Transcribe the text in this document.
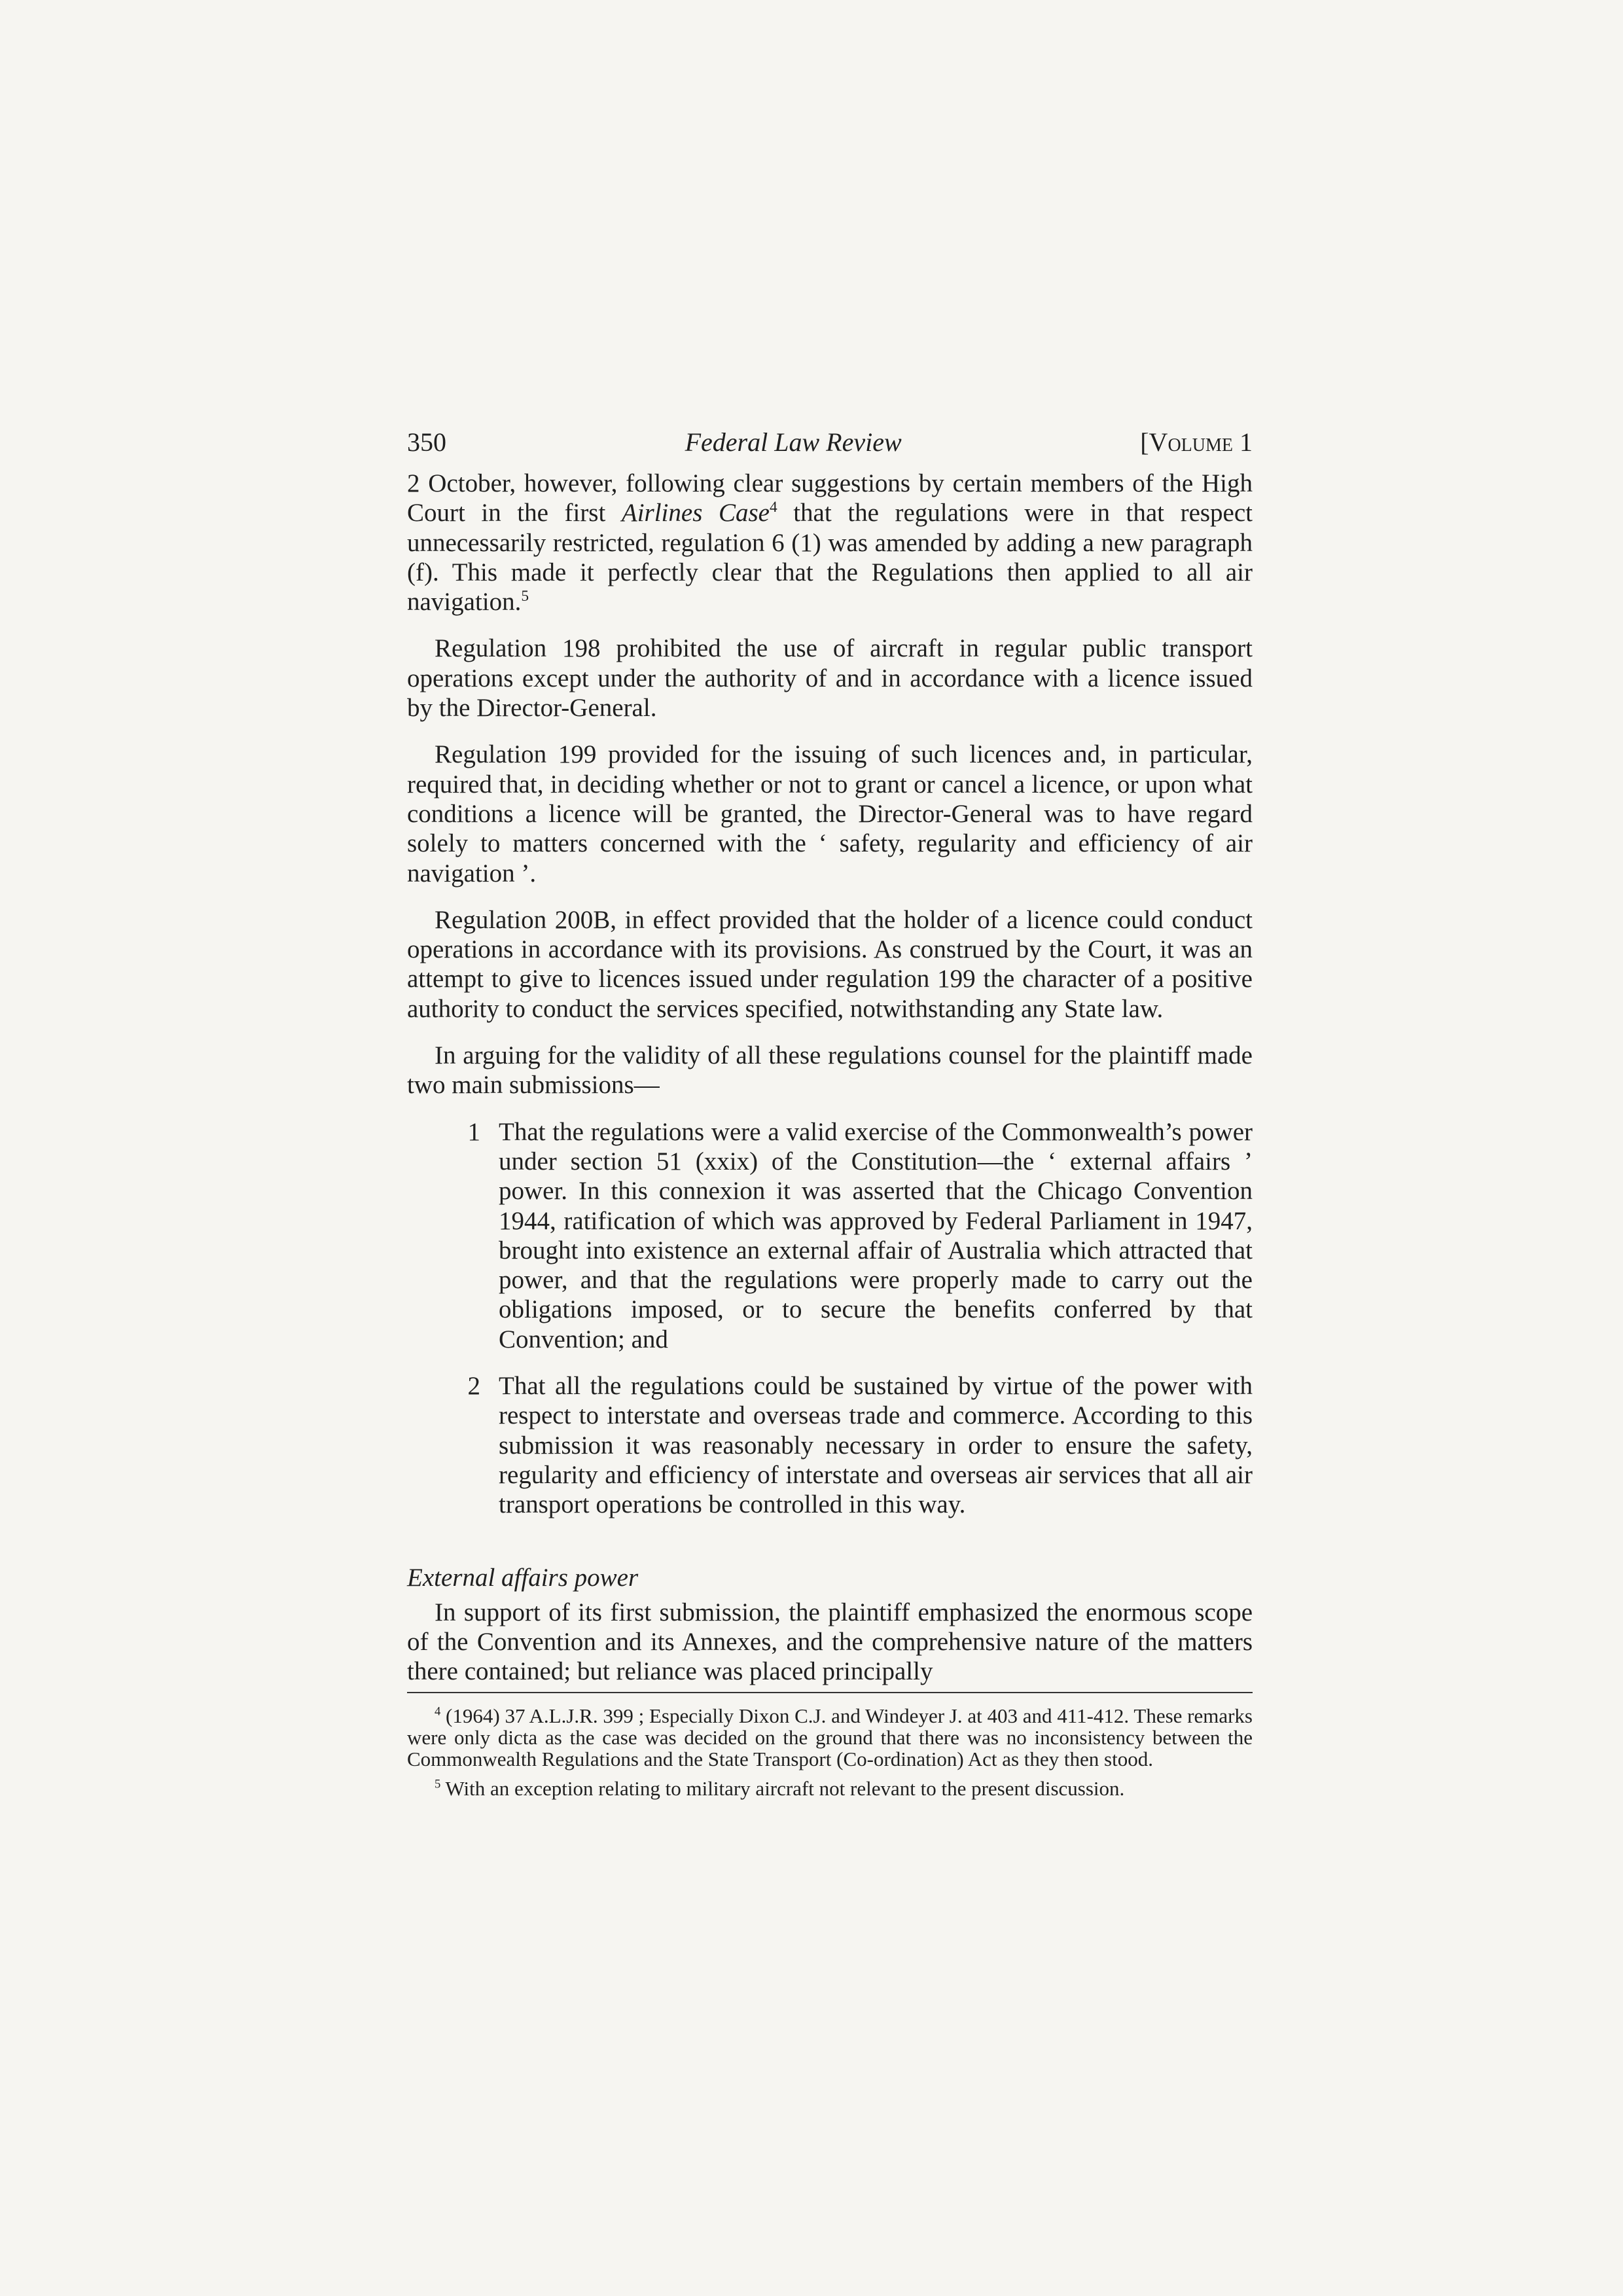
350	Federal Law Review	[Volume 1

2 October, however, following clear suggestions by certain members of the High Court in the first Airlines Case$^4$ that the regulations were in that respect unnecessarily restricted, regulation 6 (1) was amended by adding a new paragraph (f). This made it perfectly clear that the Regulations then applied to all air navigation.$^5$

Regulation 198 prohibited the use of aircraft in regular public transport operations except under the authority of and in accordance with a licence issued by the Director-General.

Regulation 199 provided for the issuing of such licences and, in particular, required that, in deciding whether or not to grant or cancel a licence, or upon what conditions a licence will be granted, the Director-General was to have regard solely to matters concerned with the ‘ safety, regularity and efficiency of air navigation ’.

Regulation 200B, in effect provided that the holder of a licence could conduct operations in accordance with its provisions. As construed by the Court, it was an attempt to give to licences issued under regulation 199 the character of a positive authority to conduct the services specified, notwithstanding any State law.

In arguing for the validity of all these regulations counsel for the plaintiff made two main submissions—

1 That the regulations were a valid exercise of the Commonwealth’s power under section 51 (xxix) of the Constitution—the ‘ external affairs ’ power. In this connexion it was asserted that the Chicago Convention 1944, ratification of which was approved by Federal Parliament in 1947, brought into existence an external affair of Australia which attracted that power, and that the regulations were properly made to carry out the obligations imposed, or to secure the benefits conferred by that Convention; and
2 That all the regulations could be sustained by virtue of the power with respect to interstate and overseas trade and commerce. According to this submission it was reasonably necessary in order to ensure the safety, regularity and efficiency of interstate and overseas air services that all air transport operations be controlled in this way.
External affairs power

In support of its first submission, the plaintiff emphasized the enormous scope of the Convention and its Annexes, and the comprehensive nature of the matters there contained; but reliance was placed principally

$^4$ (1964) 37 A.L.J.R. 399 ; Especially Dixon C.J. and Windeyer J. at 403 and 411-412. These remarks were only dicta as the case was decided on the ground that there was no inconsistency between the Commonwealth Regulations and the State Transport (Co-ordination) Act as they then stood.
$^5$ With an exception relating to military aircraft not relevant to the present discussion.
